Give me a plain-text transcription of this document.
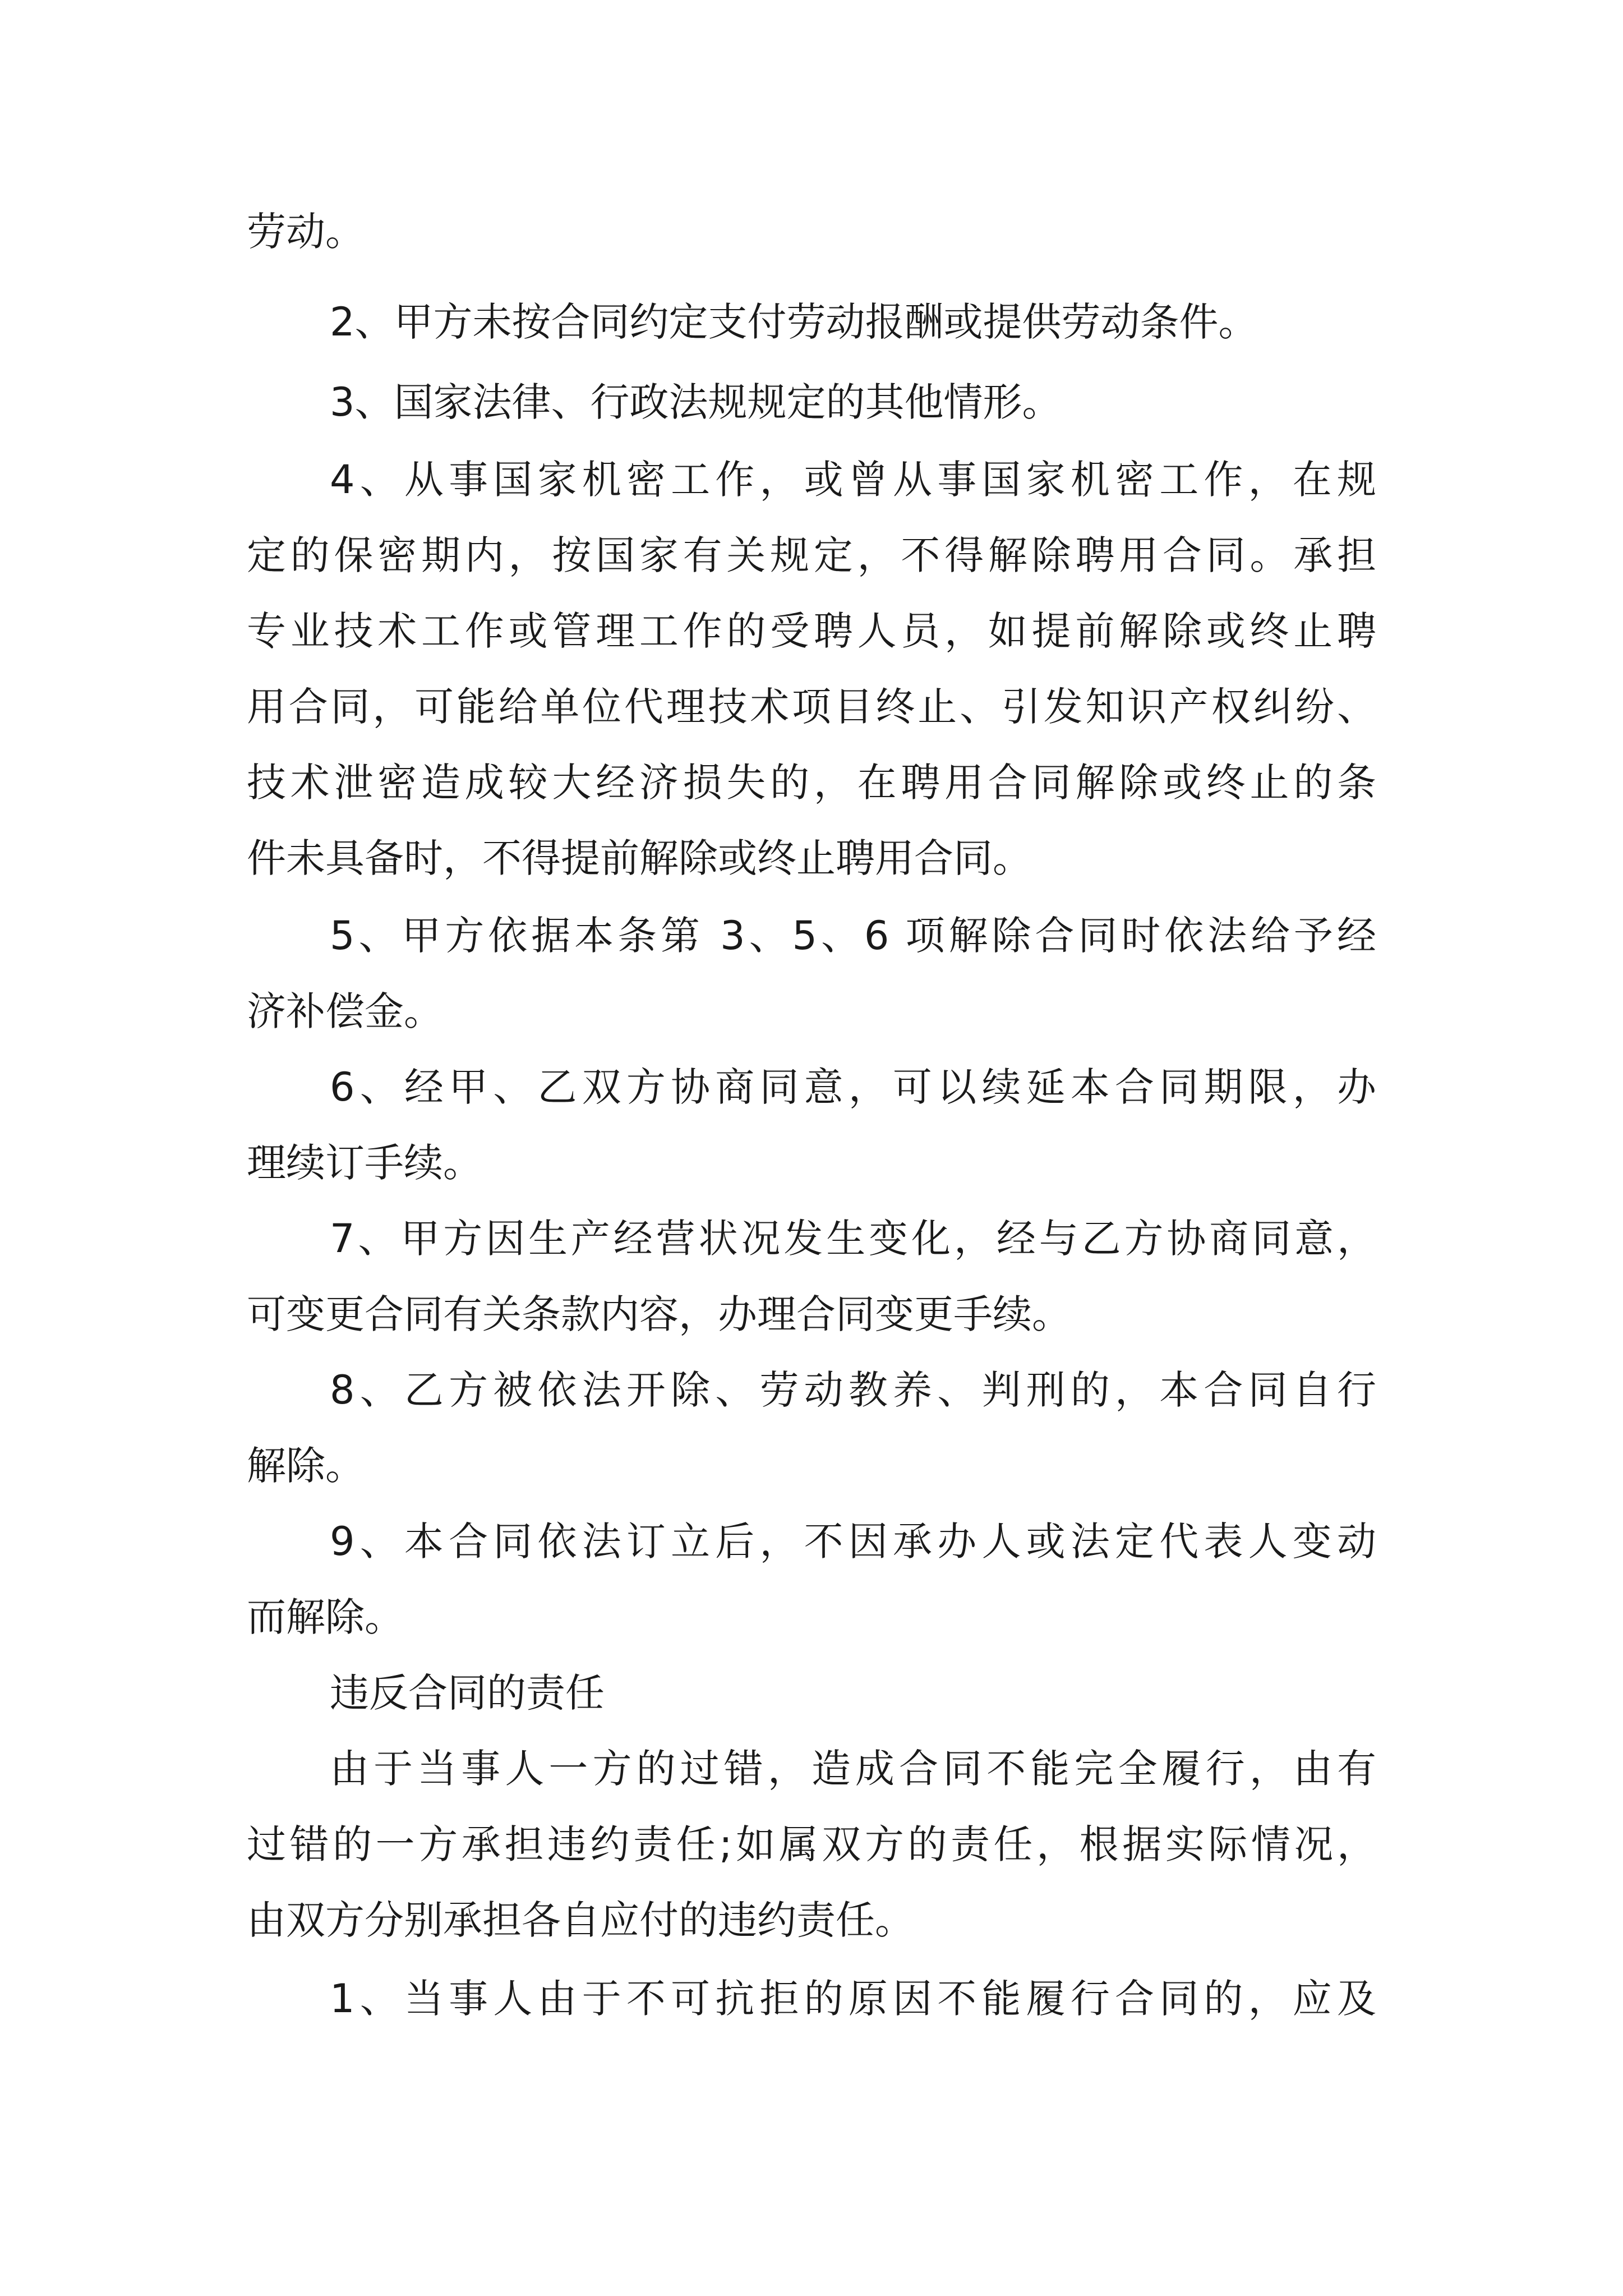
劳动。

2、甲方未按合同约定支付劳动报酬或提供劳动条件。

3、国家法律、行政法规规定的其他情形。

4、从事国家机密工作，或曾从事国家机密工作，在规

定的保密期内，按国家有关规定，不得解除聘用合同。承担

专业技术工作或管理工作的受聘人员，如提前解除或终止聘

用合同，可能给单位代理技术项目终止、引发知识产权纠纷、

技术泄密造成较大经济损失的，在聘用合同解除或终止的条

件未具备时，不得提前解除或终止聘用合同。

5、甲方依据本条第 3、5、6 项解除合同时依法给予经

济补偿金。

6、经甲、乙双方协商同意，可以续延本合同期限，办

理续订手续。

7、甲方因生产经营状况发生变化，经与乙方协商同意，

可变更合同有关条款内容，办理合同变更手续。

8、乙方被依法开除、劳动教养、判刑的，本合同自行

解除。

9、本合同依法订立后，不因承办人或法定代表人变动

而解除。

违反合同的责任

由于当事人一方的过错，造成合同不能完全履行，由有

过错的一方承担违约责任;如属双方的责任，根据实际情况，

由双方分别承担各自应付的违约责任。

1、当事人由于不可抗拒的原因不能履行合同的，应及
